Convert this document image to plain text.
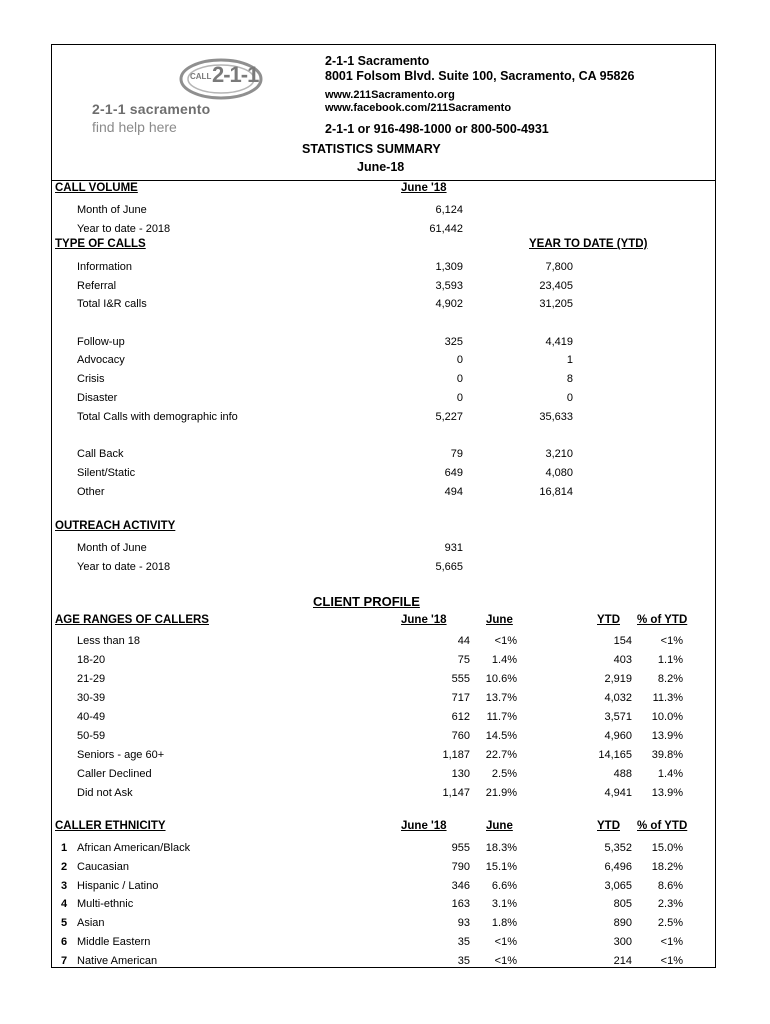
CALL 2-1-1
2-1-1 sacramento
find help here
2-1-1 Sacramento
8001 Folsom Blvd. Suite 100, Sacramento, CA 95826
www.211Sacramento.org
www.facebook.com/211Sacramento
2-1-1 or 916-498-1000 or 800-500-4931
STATISTICS SUMMARY
June-18
CALL VOLUME	June '18
Month of June	6,124
Year to date - 2018	61,442
TYPE OF CALLS	YEAR TO DATE (YTD)
Information	1,309	7,800
Referral	3,593	23,405
Total I&R calls	4,902	31,205
Follow-up	325	4,419
Advocacy	0	1
Crisis	0	8
Disaster	0	0
Total Calls with demographic info	5,227	35,633
Call Back	79	3,210
Silent/Static	649	4,080
Other	494	16,814
OUTREACH ACTIVITY
Month of June	931
Year to date - 2018	5,665
CLIENT PROFILE
AGE RANGES OF CALLERS	June '18	June	YTD % of YTD
Less than 18	44	<1%	154	<1%
18-20	75	1.4%	403	1.1%
21-29	555	10.6%	2,919	8.2%
30-39	717	13.7%	4,032	11.3%
40-49	612	11.7%	3,571	10.0%
50-59	760	14.5%	4,960	13.9%
Seniors - age 60+	1,187	22.7%	14,165	39.8%
Caller Declined	130	2.5%	488	1.4%
Did not Ask	1,147	21.9%	4,941	13.9%
CALLER ETHNICITY	June '18	June	YTD % of YTD
1 African American/Black	955	18.3%	5,352	15.0%
2 Caucasian	790	15.1%	6,496	18.2%
3 Hispanic / Latino	346	6.6%	3,065	8.6%
4 Multi-ethnic	163	3.1%	805	2.3%
5 Asian	93	1.8%	890	2.5%
6 Middle Eastern	35	<1%	300	<1%
7 Native American	35	<1%	214	<1%
